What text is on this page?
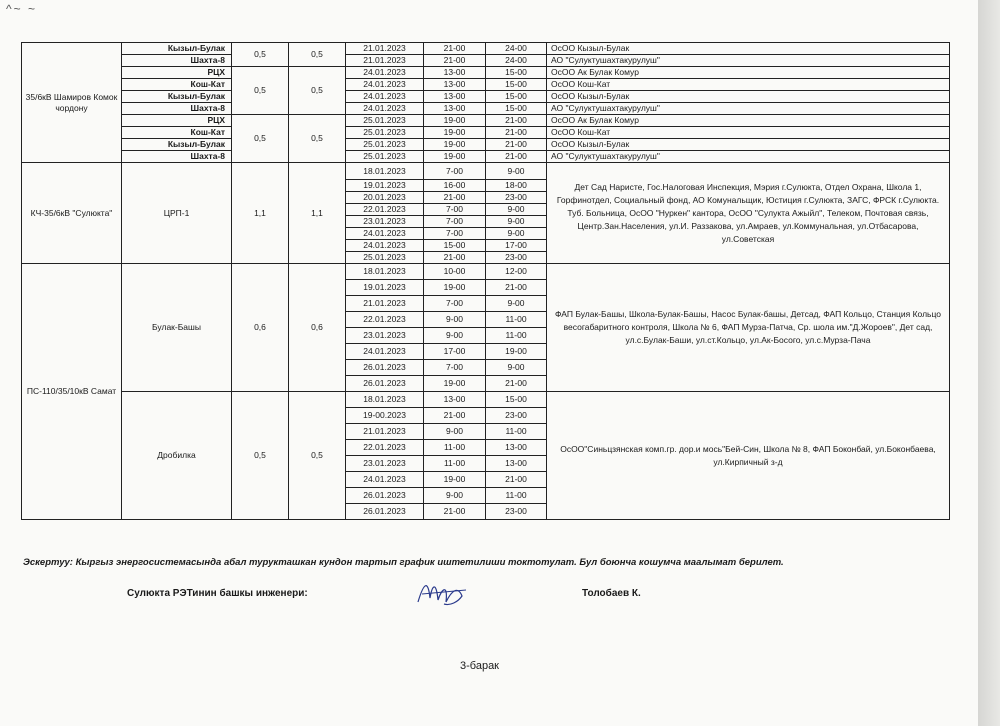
^~ ~
35/6кВ Шамиров Комок чордону	Кызыл-Булак	0,5	0,5	21.01.2023	21-00	24-00	ОсОО Кызыл-Булак
	Шахта-8			21.01.2023	21-00	24-00	АО "Сулуктушахтакурулуш"
	РЦХ	0,5	0,5	24.01.2023	13-00	15-00	ОсОО Ак Булак Комур
	Кош-Кат			24.01.2023	13-00	15-00	ОсОО Кош-Кат
	Кызыл-Булак			24.01.2023	13-00	15-00	ОсОО Кызыл-Булак
	Шахта-8			24.01.2023	13-00	15-00	АО "Сулуктушахтакурулуш"
	РЦХ	0,5	0,5	25.01.2023	19-00	21-00	ОсОО Ак Булак Комур
	Кош-Кат			25.01.2023	19-00	21-00	ОсОО Кош-Кат
	Кызыл-Булак			25.01.2023	19-00	21-00	ОсОО Кызыл-Булак
	Шахта-8			25.01.2023	19-00	21-00	АО "Сулуктушахтакурулуш"
КЧ-35/6кВ "Сулюкта"	ЦРП-1	1,1	1,1	18.01.2023	7-00	9-00	Дет Сад Наристе, Гос.Налоговая Инспекция, Мэрия г.Сулюкта, Отдел Охрана, Школа 1, Горфинотдел, Социальный фонд, АО Комунальщик, Юстиция г.Сулюкта, ЗАГС, ФРСК г.Сулюкта. Туб. Больница, ОсОО "Нуркен" кантора, ОсОО "Сулукта Ажыйл", Телеком, Почтовая связь, Центр.Зан.Населения, ул.И. Раззакова, ул.Амраев, ул.Коммунальная, ул.Отбасарова, ул.Советская
				19.01.2023	16-00	18-00	
				20.01.2023	21-00	23-00	
				22.01.2023	7-00	9-00	
				23.01.2023	7-00	9-00	
				24.01.2023	7-00	9-00	
				24.01.2023	15-00	17-00	
				25.01.2023	21-00	23-00	
ПС-110/35/10кВ Самат	Булак-Башы	0,6	0,6	18.01.2023	10-00	12-00	ФАП Булак-Башы, Школа-Булак-Башы, Насос Булак-башы, Детсад, ФАП Кольцо, Станция Кольцо весогабаритного контроля, Школа № 6, ФАП Мурза-Патча, Ср. шола им."Д.Жороев", Дет сад, ул.с.Булак-Баши, ул.ст.Кольцо, ул.Ак-Босого, ул.с.Мурза-Пача
				19.01.2023	19-00	21-00	
				21.01.2023	7-00	9-00	
				22.01.2023	9-00	11-00	
				23.01.2023	9-00	11-00	
				24.01.2023	17-00	19-00	
				26.01.2023	7-00	9-00	
				26.01.2023	19-00	21-00	
	Дробилка	0,5	0,5	18.01.2023	13-00	15-00	ОсОО"Синьцзянская комп.гр. дор.и мось"Бей-Син, Школа № 8, ФАП Боконбай, ул.Боконбаева, ул.Кирпичный з-д
				19-00.2023	21-00	23-00	
				21.01.2023	9-00	11-00	
				22.01.2023	11-00	13-00	
				23.01.2023	11-00	13-00	
				24.01.2023	19-00	21-00	
				26.01.2023	9-00	11-00	
				26.01.2023	21-00	23-00	
Эскертуу: Кыргыз энергосистемасында абал турукташкан кундон тартып график иштетилиши токтотулат. Бул боюнча кошумча маалымат берилет.
Сулюкта РЭТинин башкы инженери:	Толобаев К.
3-барак
